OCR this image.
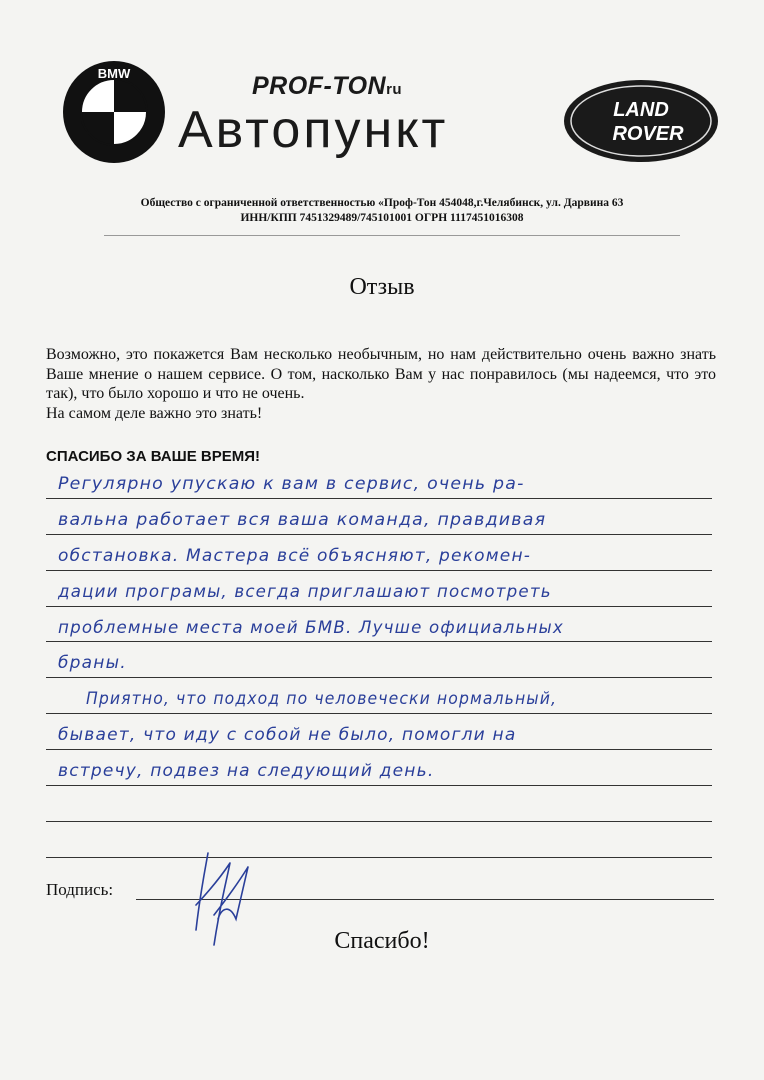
BMW	PROF-TONru
Автопункт	LAND
ROVER
Общество с ограниченной ответственностью «Проф-Тон 454048,г.Челябинск, ул. Дарвина 63
ИНН/КПП 7451329489/745101001 ОГРН 1117451016308
Отзыв

Возможно, это покажется Вам несколько необычным, но нам действительно очень важно знать Ваше мнение о нашем сервисе. О том, насколько Вам у нас понравилось (мы надеемся, что это так), что было хорошо и что не очень.

На самом деле важно это знать!

СПАСИБО ЗА ВАШЕ ВРЕМЯ!
Регулярно упускаю к вам в сервис, очень ра-
вальна работает вся ваша команда, правдивая
обстановка. Мастера всё объясняют, рекомен-
дации програмы, всегда приглашают посмотреть
проблемные места моей БМВ. Лучше официальных
браны.
Приятно, что подход по человечески нормальный,
бывает, что иду с собой не было, помогли на
встречу, подвез на следующий день.
Подпись:
Спасибо!
